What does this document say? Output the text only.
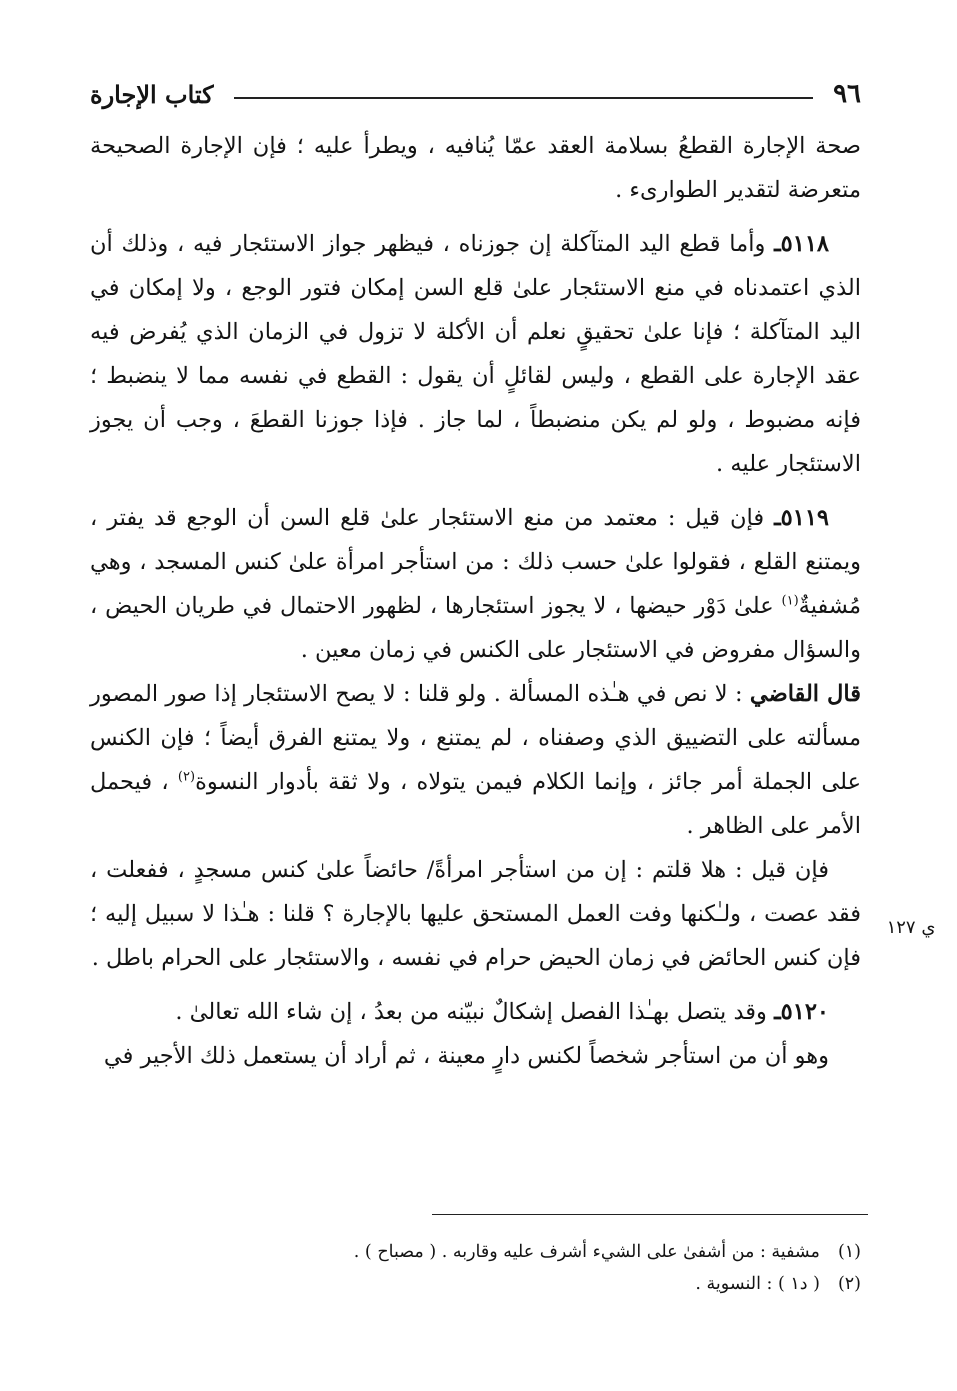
٩٦
كتاب الإجارة

صحة الإجارة القطعُ بسلامة العقد عمّا يُنافيه ، ويطرأ عليه ؛ فإن الإجارة الصحيحة متعرضة لتقدير الطوارىء .

٥١١٨ـ وأما قطع اليد المتآكلة إن جوزناه ، فيظهر جواز الاستئجار فيه ، وذلك أن الذي اعتمدناه في منع الاستئجار علىٰ قلع السن إمكان فتور الوجع ، ولا إمكان في اليد المتآكلة ؛ فإنا علىٰ تحقيقٍ نعلم أن الأكلة لا تزول في الزمان الذي يُفرض فيه عقد الإجارة على القطع ، وليس لقائلٍ أن يقول : القطع في نفسه مما لا ينضبط ؛ فإنه مضبوط ، ولو لم يكن منضبطاً ، لما جاز . فإذا جوزنا القطعَ ، وجب أن يجوز الاستئجار عليه .

٥١١٩ـ فإن قيل : معتمد من منع الاستئجار علىٰ قلع السن أن الوجع قد يفتر ، ويمتنع القلع ، فقولوا علىٰ حسب ذلك : من استأجر امرأة علىٰ كنس المسجد ، وهي مُشفيةٌ$^{(١)}$ علىٰ دَوْر حيضها ، لا يجوز استئجارها ، لظهور الاحتمال في طريان الحيض ، والسؤال مفروض في الاستئجار على الكنس في زمان معين .

قال القاضي : لا نص في هـٰذه المسألة . ولو قلنا : لا يصح الاستئجار إذا صور المصور مسألته على التضييق الذي وصفناه ، لم يمتنع ، ولا يمتنع الفرق أيضاً ؛ فإن الكنس على الجملة أمر جائز ، وإنما الكلام فيمن يتولاه ، ولا ثقة بأدوار النسوة$^{(٢)}$ ، فيحمل الأمر على الظاهر .

فإن قيل : هلا قلتم : إن من استأجر امرأةً/ حائضاً علىٰ كنس مسجدٍ ، ففعلت ، فقد عصت ، ولـٰكنها وفت العمل المستحق عليها بالإجارة ؟ قلنا : هـٰذا لا سبيل إليه ؛ فإن كنس الحائض في زمان الحيض حرام في نفسه ، والاستئجار على الحرام باطل .

٥١٢٠ـ وقد يتصل بهـٰذا الفصل إشكالٌ نبيّنه من بعدُ ، إن شاء الله تعالىٰ .

وهو أن من استأجر شخصاً لكنس دارٍ معينة ، ثم أراد أن يستعمل ذلك الأجير في

ي ١٢٧

(١)مشفية : من أشفىٰ على الشيء أشرف عليه وقاربه . ( مصباح ) .

(٢)( د١ ) : النسوية .
